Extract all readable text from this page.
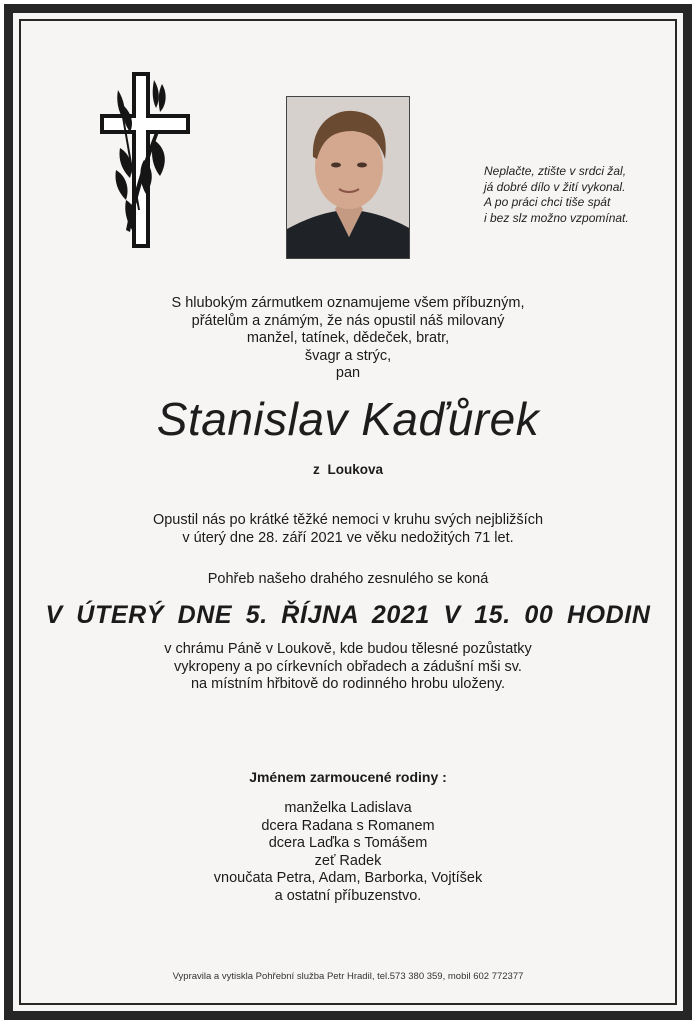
Neplačte, ztište v srdci žal,
já dobré dílo v žití vykonal.
A po práci chci tiše spát
i bez slz možno vzpomínat.
S hlubokým zármutkem oznamujeme všem příbuzným,
přátelům a známým, že nás opustil náš milovaný
manžel, tatínek, dědeček, bratr,
švagr a strýc,
pan
Stanislav Kaďůrek
z Loukova
Opustil nás po krátké těžké nemoci v kruhu svých nejbližších
v úterý dne 28. září 2021 ve věku nedožitých 71 let.
Pohřeb našeho drahého zesnulého se koná
V ÚTERÝ DNE 5. ŘÍJNA 2021 V 15. 00 HODIN
v chrámu Páně v Loukově, kde budou tělesné pozůstatky
vykropeny a po církevních obřadech a zádušní mši sv.
na místním hřbitově do rodinného hrobu uloženy.
Jménem zarmoucené rodiny :
manželka Ladislava
dcera Radana s Romanem
dcera Laďka s Tomášem
zeť Radek
vnoučata Petra, Adam, Barborka, Vojtíšek
a ostatní příbuzenstvo.
Vypravila a vytiskla Pohřební služba Petr Hradil, tel.573 380 359, mobil 602 772377
